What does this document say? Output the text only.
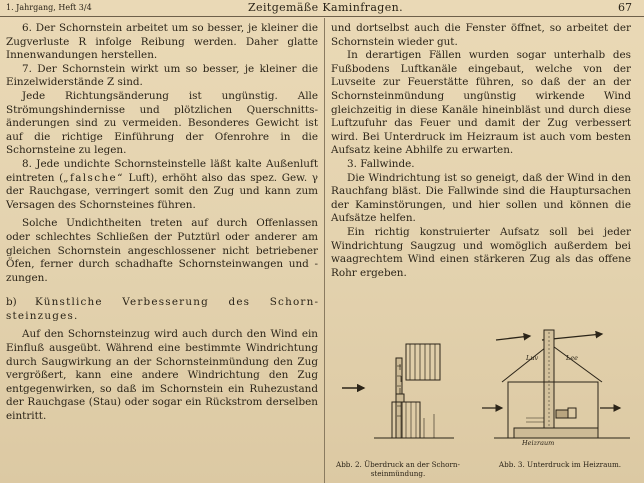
1. Jahrgang, Heft 3/4	Zeitgemäße Kaminfragen.	67

6. Der Schornstein arbeitet um so besser, je kleiner die Zugverluste R infolge Reibung werden. Daher glatte Innenwandungen herstellen.

7. Der Schornstein wirkt um so besser, je kleiner die Einzelwiderstände Z sind.

Jede Richtungsänderung ist ungünstig. Alle Strömungshindernisse und plötzlichen Querschnittsänderungen sind zu vermeiden. Besonderes Gewicht ist auf die richtige Einführung der Ofenrohre in die Schornsteine zu legen.

8. Jede undichte Schornsteinstelle läßt kalte Außenluft eintreten („falsche“ Luft), erhöht also das spez. Gew. γ der Rauchgase, verringert somit den Zug und kann zum Versagen des Schornsteines führen.

Solche Undichtheiten treten auf durch Offenlassen oder schlechtes Schließen der Putztürl oder anderer am gleichen Schornstein angeschlossener nicht betriebener Öfen, ferner durch schadhafte Schornsteinwangen und -zungen.

b) Künstliche Verbesserung des Schornsteinzuges.

Auf den Schornsteinzug wird auch durch den Wind ein Einfluß ausgeübt. Während eine bestimmte Windrichtung durch Saugwirkung an der Schornsteinmündung den Zug vergrößert, kann eine andere Windrichtung den Zug entgegenwirken, so daß im Schornstein ein Ruhezustand der Rauchgase (Stau) oder sogar ein Rückstrom derselben eintritt.

und dortselbst auch die Fenster öffnet, so arbeitet der Schornstein wieder gut.

In derartigen Fällen wurden sogar unterhalb des Fußbodens Luftkanäle eingebaut, welche von der Luvseite zur Feuerstätte führen, so daß der an der Schornsteinmündung ungünstig wirkende Wind gleichzeitig in diese Kanäle hineinbläst und durch diese Luftzufuhr das Feuer und damit der Zug verbessert wird. Bei Unterdruck im Heizraum ist auch vom besten Aufsatz keine Abhilfe zu erwarten.

3. Fallwinde.

Die Windrichtung ist so geneigt, daß der Wind in den Rauchfang bläst. Die Fallwinde sind die Hauptursachen der Kaminstörungen, und hier sollen und können die Aufsätze helfen.

Ein richtig konstruierter Aufsatz soll bei jeder Windrichtung Saugzug und womöglich außerdem bei waagrechtem Wind einen stärkeren Zug als das offene Rohr ergeben.

Luv	Lee
Heizraum
Abb. 2. Überdruck an der Schornsteinmündung.
Abb. 3. Unterdruck im Heizraum.
